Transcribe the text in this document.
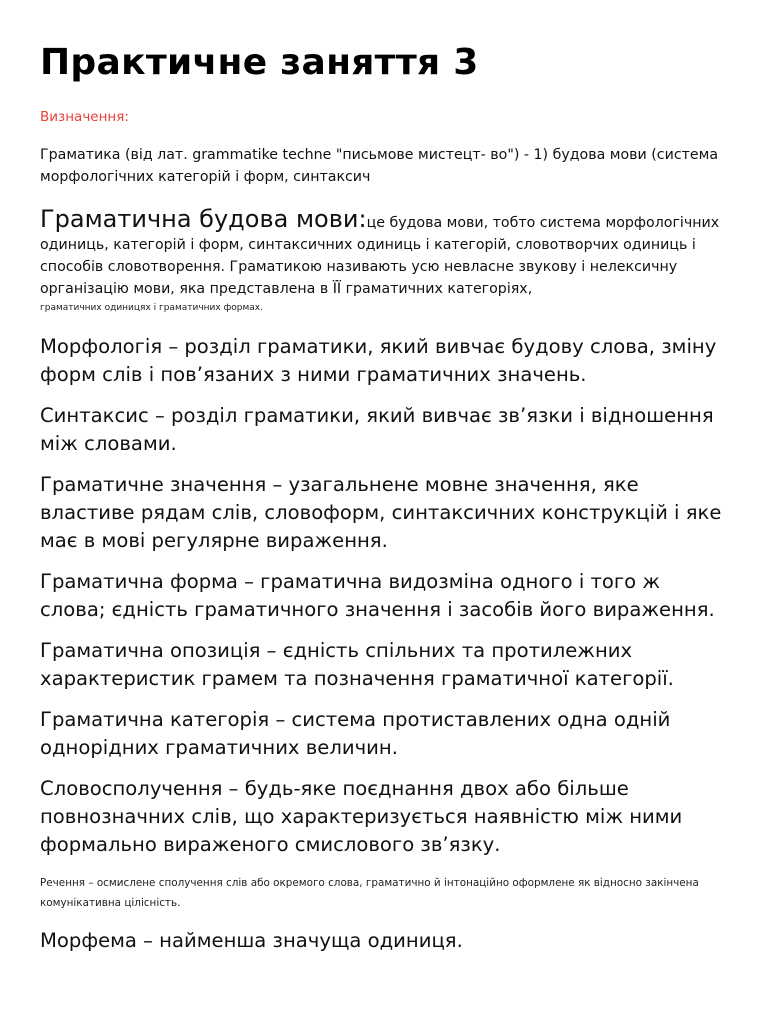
Практичне заняття 3
Визначення:
Граматика (від лат. grammatike techne "письмове мистецт- во") - 1) будова мови (система морфологічних категорій і форм, синтаксич
Граматична будова мови:це будова мови, тобто система морфологічних одиниць, категорій і форм, синтаксичних одиниць і категорій, словотворчих одиниць і способів словотворення. Граматикою називають усю невласне звукову і нелексичну організацію мови, яка представлена в ЇЇ граматичних категоріях,
граматичних одиницях і граматичних формах.
Морфологія – розділ граматики, який вивчає будову слова, зміну форм слів і пов’язаних з ними граматичних значень.
Синтаксис – розділ граматики, який вивчає зв’язки і відношення між словами.
Граматичне значення – узагальнене мовне значення, яке властиве рядам слів, словоформ, синтаксичних конструкцій і яке має в мові регулярне вираження.
Граматична форма – граматична видозміна одного і того ж слова; єдність граматичного значення і засобів його вираження.
Граматична опозиція – єдність спільних та протилежних характеристик грамем та позначення граматичної категорії.
Граматична категорія – система протиставлених одна одній однорідних граматичних величин.
Словосполучення – будь-яке поєднання двох або більше повнозначних слів, що характеризується наявністю між ними формально вираженого смислового зв’язку.
Речення – осмислене сполучення слів або окремого слова, граматично й інтонаційно оформлене як відносно закінчена комунікативна цілісність.
Морфема – найменша значуща одиниця.
